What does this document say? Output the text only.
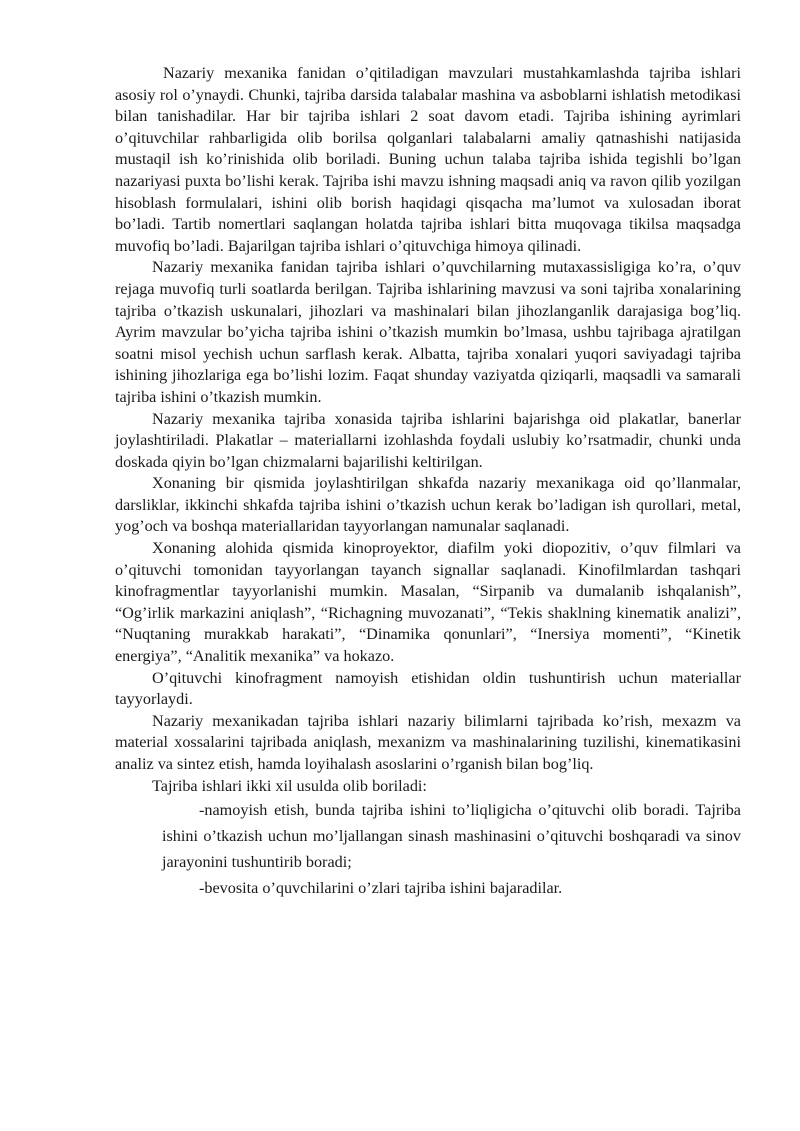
Nazariy mexanika fanidan o’qitiladigan mavzulari mustahkamlashda tajriba ishlari asosiy rol o’ynaydi. Chunki, tajriba darsida talabalar mashina va asboblarni ishlatish metodikasi bilan tanishadilar. Har bir tajriba ishlari 2 soat davom etadi. Tajriba ishining ayrimlari o’qituvchilar rahbarligida olib borilsa qolganlari talabalarni amaliy qatnashishi natijasida mustaqil ish ko’rinishida olib boriladi. Buning uchun talaba tajriba ishida tegishli bo’lgan nazariyasi puxta bo’lishi kerak. Tajriba ishi mavzu ishning maqsadi aniq va ravon qilib yozilgan hisoblash formulalari, ishini olib borish haqidagi qisqacha ma’lumot va xulosadan iborat bo’ladi. Tartib nomertlari saqlangan holatda tajriba ishlari bitta muqovaga tikilsa maqsadga muvofiq bo’ladi. Bajarilgan tajriba ishlari o’qituvchiga himoya qilinadi.

Nazariy mexanika fanidan tajriba ishlari o’quvchilarning mutaxassisligiga ko’ra, o’quv rejaga muvofiq turli soatlarda berilgan. Tajriba ishlarining mavzusi va soni tajriba xonalarining tajriba o’tkazish uskunalari, jihozlari va mashinalari bilan jihozlanganlik darajasiga bog’liq. Ayrim mavzular bo’yicha tajriba ishini o’tkazish mumkin bo’lmasa, ushbu tajribaga ajratilgan soatni misol yechish uchun sarflash kerak. Albatta, tajriba xonalari yuqori saviyadagi tajriba ishining jihozlariga ega bo’lishi lozim. Faqat shunday vaziyatda qiziqarli, maqsadli va samarali tajriba ishini o’tkazish mumkin.

Nazariy mexanika tajriba xonasida tajriba ishlarini bajarishga oid plakatlar, banerlar joylashtiriladi. Plakatlar – materiallarni izohlashda foydali uslubiy ko’rsatmadir, chunki unda doskada qiyin bo’lgan chizmalarni bajarilishi keltirilgan.

Xonaning bir qismida joylashtirilgan shkafda nazariy mexanikaga oid qo’llanmalar, darsliklar, ikkinchi shkafda tajriba ishini o’tkazish uchun kerak bo’ladigan ish qurollari, metal, yog’och va boshqa materiallaridan tayyorlangan namunalar saqlanadi.

Xonaning alohida qismida kinoproyektor, diafilm yoki diopozitiv, o’quv filmlari va o’qituvchi tomonidan tayyorlangan tayanch signallar saqlanadi. Kinofilmlardan tashqari kinofragmentlar tayyorlanishi mumkin. Masalan, “Sirpanib va dumalanib ishqalanish”, “Og’irlik markazini aniqlash”, “Richagning muvozanati”, “Tekis shaklning kinematik analizi”, “Nuqtaning murakkab harakati”, “Dinamika qonunlari”, “Inersiya momenti”, “Kinetik energiya”, “Analitik mexanika” va hokazo.

O’qituvchi kinofragment namoyish etishidan oldin tushuntirish uchun materiallar tayyorlaydi.

Nazariy mexanikadan tajriba ishlari nazariy bilimlarni tajribada ko’rish, mexazm va material xossalarini tajribada aniqlash, mexanizm va mashinalarining tuzilishi, kinematikasini analiz va sintez etish, hamda loyihalash asoslarini o’rganish bilan bog’liq.

Tajriba ishlari ikki xil usulda olib boriladi:

-namoyish etish, bunda tajriba ishini to’liqligicha o’qituvchi olib boradi. Tajriba ishini o’tkazish uchun mo’ljallangan sinash mashinasini o’qituvchi boshqaradi va sinov jarayonini tushuntirib boradi;

-bevosita o’quvchilarini o’zlari tajriba ishini bajaradilar.
